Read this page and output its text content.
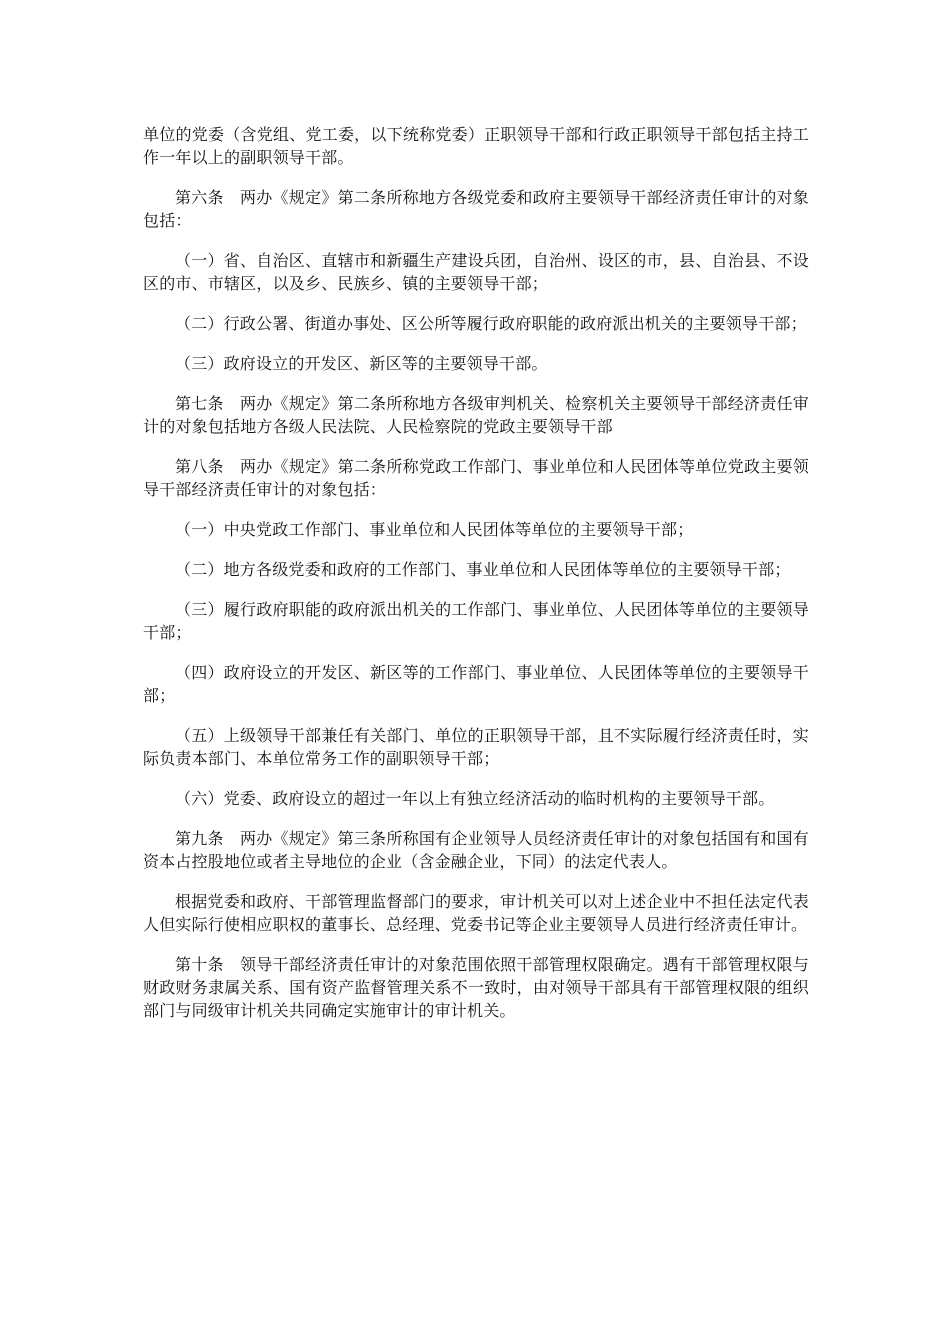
单位的党委（含党组、党工委，以下统称党委）正职领导干部和行政正职领导干部包括主持工作一年以上的副职领导干部。

第六条　两办《规定》第二条所称地方各级党委和政府主要领导干部经济责任审计的对象包括：

（一）省、自治区、直辖市和新疆生产建设兵团，自治州、设区的市，县、自治县、不设区的市、市辖区，以及乡、民族乡、镇的主要领导干部；

（二）行政公署、街道办事处、区公所等履行政府职能的政府派出机关的主要领导干部；

（三）政府设立的开发区、新区等的主要领导干部。

第七条　两办《规定》第二条所称地方各级审判机关、检察机关主要领导干部经济责任审计的对象包括地方各级人民法院、人民检察院的党政主要领导干部

第八条　两办《规定》第二条所称党政工作部门、事业单位和人民团体等单位党政主要领导干部经济责任审计的对象包括：

（一）中央党政工作部门、事业单位和人民团体等单位的主要领导干部；

（二）地方各级党委和政府的工作部门、事业单位和人民团体等单位的主要领导干部；

（三）履行政府职能的政府派出机关的工作部门、事业单位、人民团体等单位的主要领导干部；

（四）政府设立的开发区、新区等的工作部门、事业单位、人民团体等单位的主要领导干部；

（五）上级领导干部兼任有关部门、单位的正职领导干部，且不实际履行经济责任时，实际负责本部门、本单位常务工作的副职领导干部；

（六）党委、政府设立的超过一年以上有独立经济活动的临时机构的主要领导干部。

第九条　两办《规定》第三条所称国有企业领导人员经济责任审计的对象包括国有和国有资本占控股地位或者主导地位的企业（含金融企业，下同）的法定代表人。

根据党委和政府、干部管理监督部门的要求，审计机关可以对上述企业中不担任法定代表人但实际行使相应职权的董事长、总经理、党委书记等企业主要领导人员进行经济责任审计。

第十条　领导干部经济责任审计的对象范围依照干部管理权限确定。遇有干部管理权限与财政财务隶属关系、国有资产监督管理关系不一致时，由对领导干部具有干部管理权限的组织部门与同级审计机关共同确定实施审计的审计机关。
